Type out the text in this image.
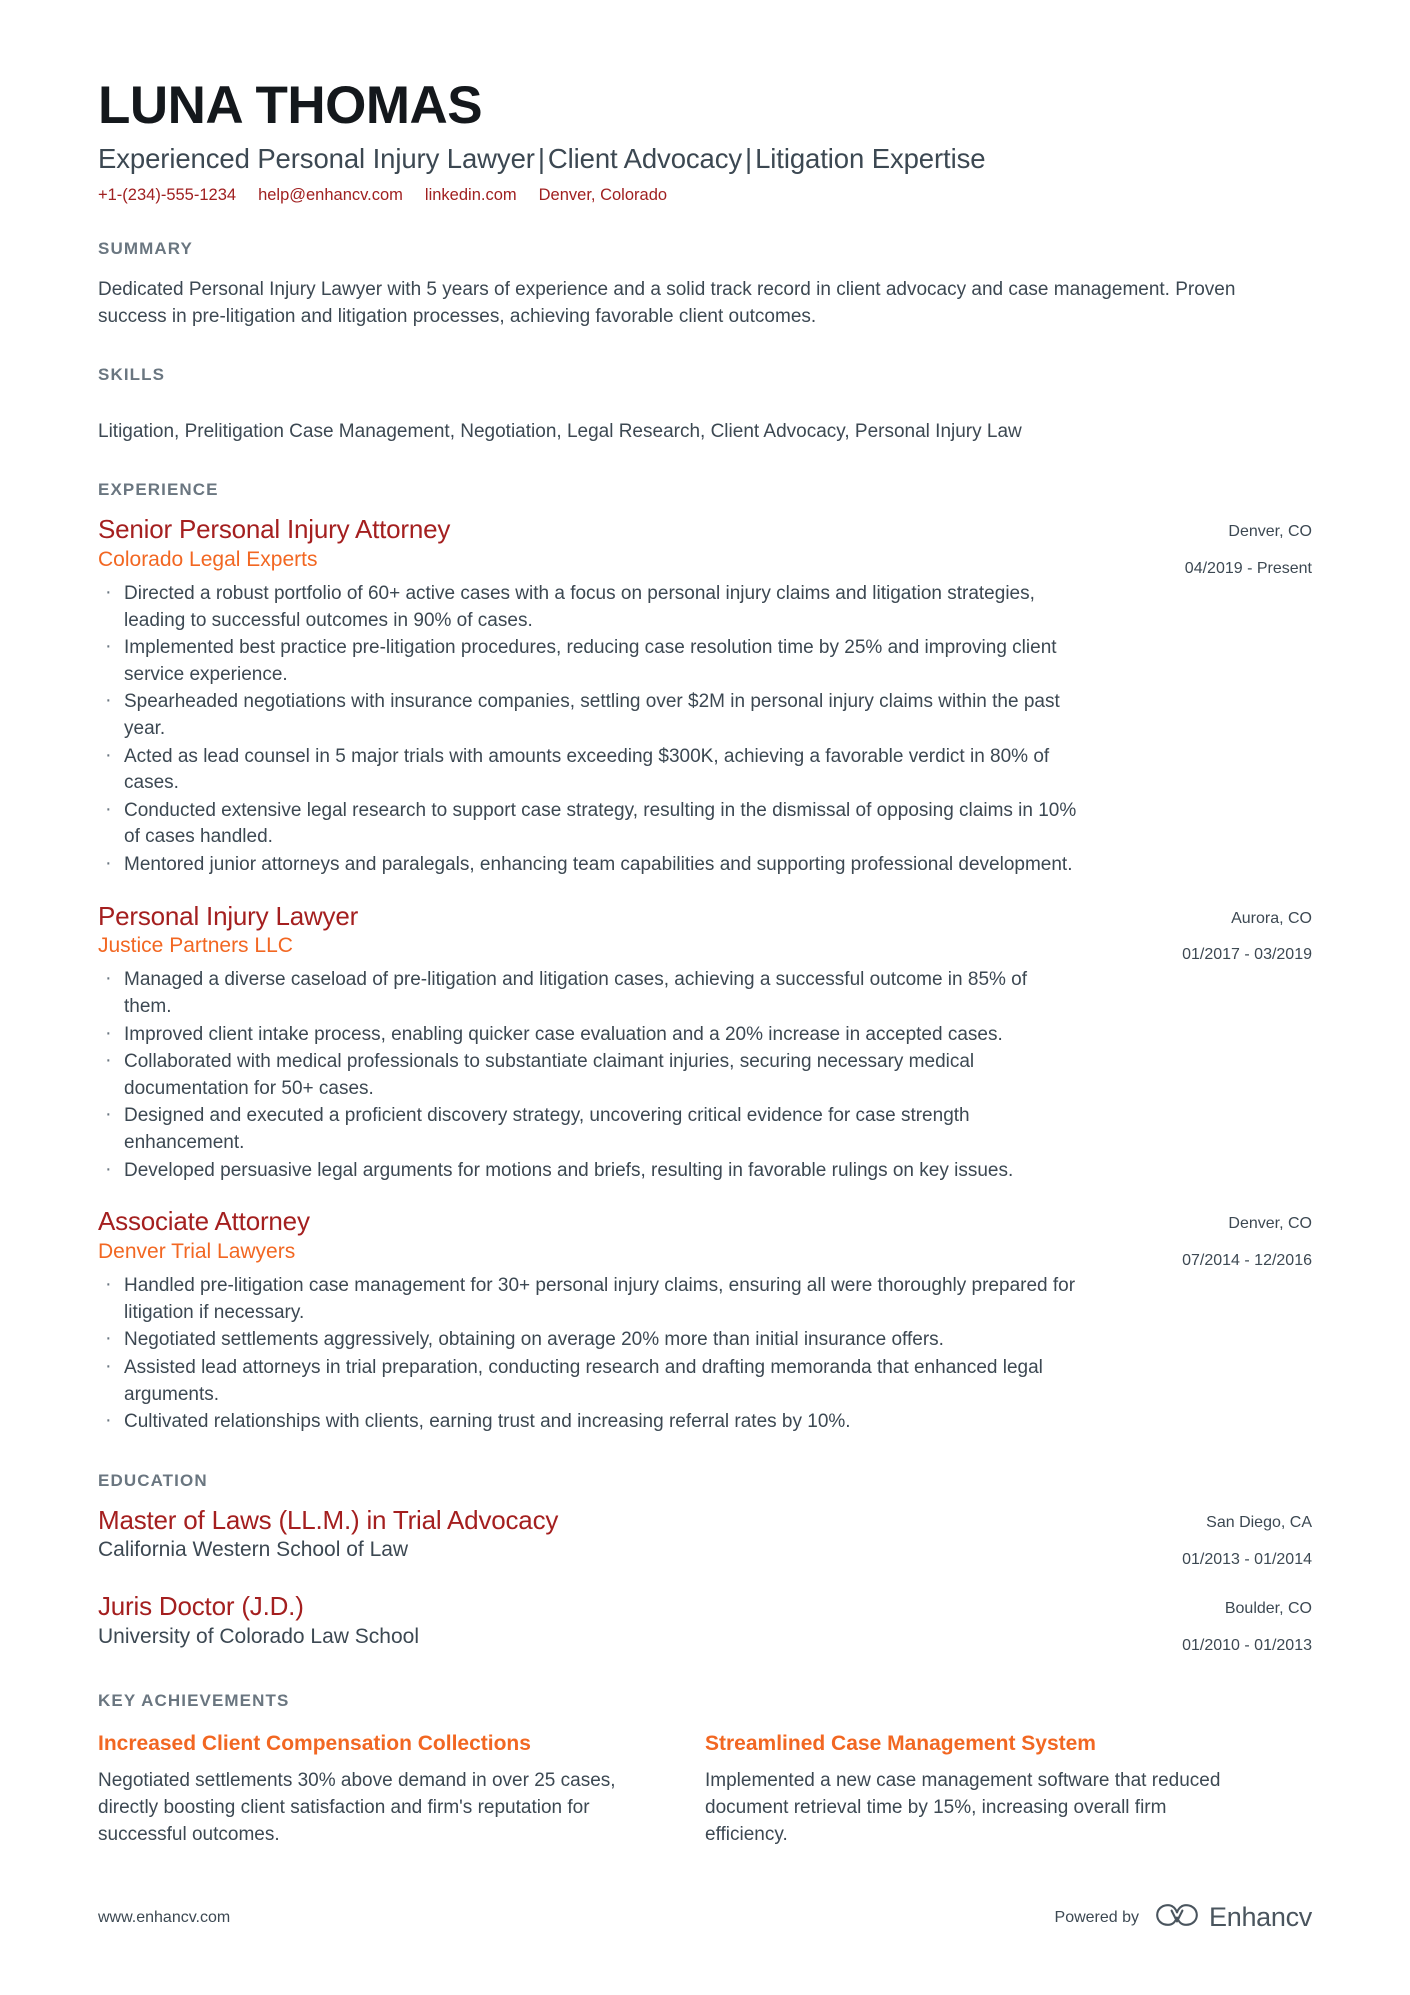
LUNA THOMAS
Experienced Personal Injury Lawyer | Client Advocacy | Litigation Expertise
+1-(234)-555-1234 help@enhancv.com linkedin.com Denver, Colorado
SUMMARY

Dedicated Personal Injury Lawyer with 5 years of experience and a solid track record in client advocacy and case management. Proven success in pre-litigation and litigation processes, achieving favorable client outcomes.

SKILLS

Litigation, Prelitigation Case Management, Negotiation, Legal Research, Client Advocacy, Personal Injury Law

EXPERIENCE
Senior Personal Injury Attorney
Colorado Legal Experts
· Directed a robust portfolio of 60+ active cases with a focus on personal injury claims and litigation strategies, leading to successful outcomes in 90% of cases.
· Implemented best practice pre-litigation procedures, reducing case resolution time by 25% and improving client service experience.
· Spearheaded negotiations with insurance companies, settling over $2M in personal injury claims within the past year.
· Acted as lead counsel in 5 major trials with amounts exceeding $300K, achieving a favorable verdict in 80% of cases.
· Conducted extensive legal research to support case strategy, resulting in the dismissal of opposing claims in 10% of cases handled.
· Mentored junior attorneys and paralegals, enhancing team capabilities and supporting professional development.
Denver, CO
04/2019 - Present
Personal Injury Lawyer
Justice Partners LLC
· Managed a diverse caseload of pre-litigation and litigation cases, achieving a successful outcome in 85% of them.
· Improved client intake process, enabling quicker case evaluation and a 20% increase in accepted cases.
· Collaborated with medical professionals to substantiate claimant injuries, securing necessary medical documentation for 50+ cases.
· Designed and executed a proficient discovery strategy, uncovering critical evidence for case strength enhancement.
· Developed persuasive legal arguments for motions and briefs, resulting in favorable rulings on key issues.
Aurora, CO
01/2017 - 03/2019
Associate Attorney
Denver Trial Lawyers
· Handled pre-litigation case management for 30+ personal injury claims, ensuring all were thoroughly prepared for litigation if necessary.
· Negotiated settlements aggressively, obtaining on average 20% more than initial insurance offers.
· Assisted lead attorneys in trial preparation, conducting research and drafting memoranda that enhanced legal arguments.
· Cultivated relationships with clients, earning trust and increasing referral rates by 10%.
Denver, CO
07/2014 - 12/2016
EDUCATION
Master of Laws (LL.M.) in Trial Advocacy
California Western School of Law
San Diego, CA
01/2013 - 01/2014
Juris Doctor (J.D.)
University of Colorado Law School
Boulder, CO
01/2010 - 01/2013
KEY ACHIEVEMENTS
Increased Client Compensation Collections

Negotiated settlements 30% above demand in over 25 cases, directly boosting client satisfaction and firm's reputation for successful outcomes.

Streamlined Case Management System

Implemented a new case management software that reduced document retrieval time by 15%, increasing overall firm efficiency.

www.enhancv.com	Powered by	Enhancv
